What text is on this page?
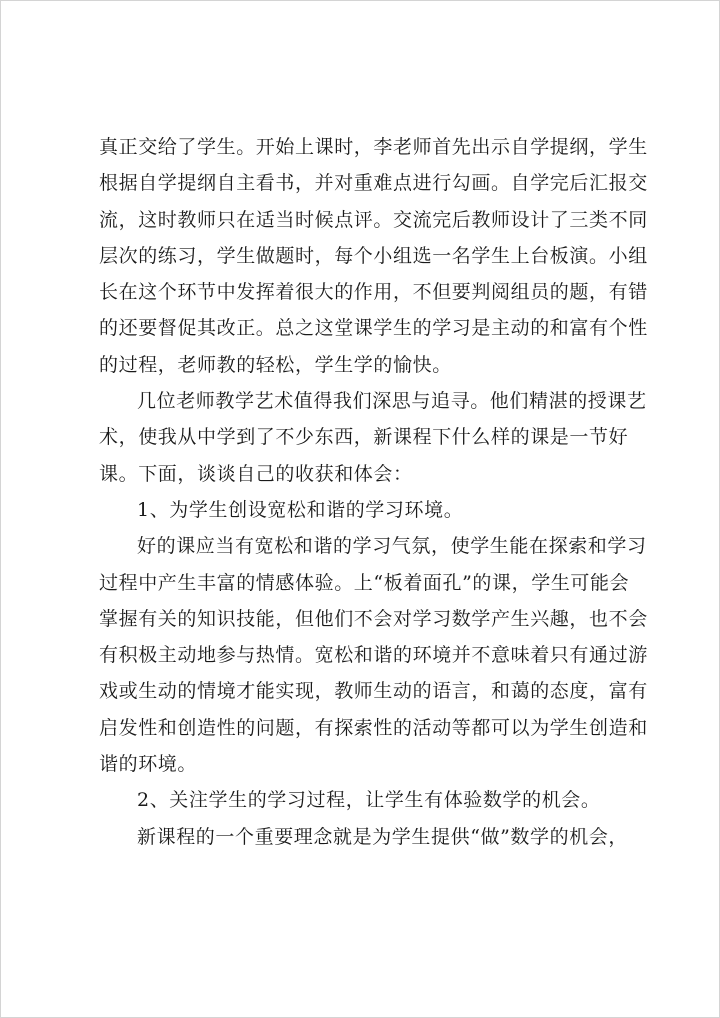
真正交给了学生。开始上课时，李老师首先出示自学提纲，学生
根据自学提纲自主看书，并对重难点进行勾画。自学完后汇报交
流，这时教师只在适当时候点评。交流完后教师设计了三类不同
层次的练习，学生做题时，每个小组选一名学生上台板演。小组
长在这个环节中发挥着很大的作用，不但要判阅组员的题，有错
的还要督促其改正。总之这堂课学生的学习是主动的和富有个性
的过程，老师教的轻松，学生学的愉快。
几位老师教学艺术值得我们深思与追寻。他们精湛的授课艺
术，使我从中学到了不少东西，新课程下什么样的课是一节好
课。下面，谈谈自己的收获和体会：
1、为学生创设宽松和谐的学习环境。
好的课应当有宽松和谐的学习气氛，使学生能在探索和学习
过程中产生丰富的情感体验。上“板着面孔”的课，学生可能会
掌握有关的知识技能，但他们不会对学习数学产生兴趣，也不会
有积极主动地参与热情。宽松和谐的环境并不意味着只有通过游
戏或生动的情境才能实现，教师生动的语言，和蔼的态度，富有
启发性和创造性的问题，有探索性的活动等都可以为学生创造和
谐的环境。
2、关注学生的学习过程，让学生有体验数学的机会。
新课程的一个重要理念就是为学生提供“做”数学的机会，
